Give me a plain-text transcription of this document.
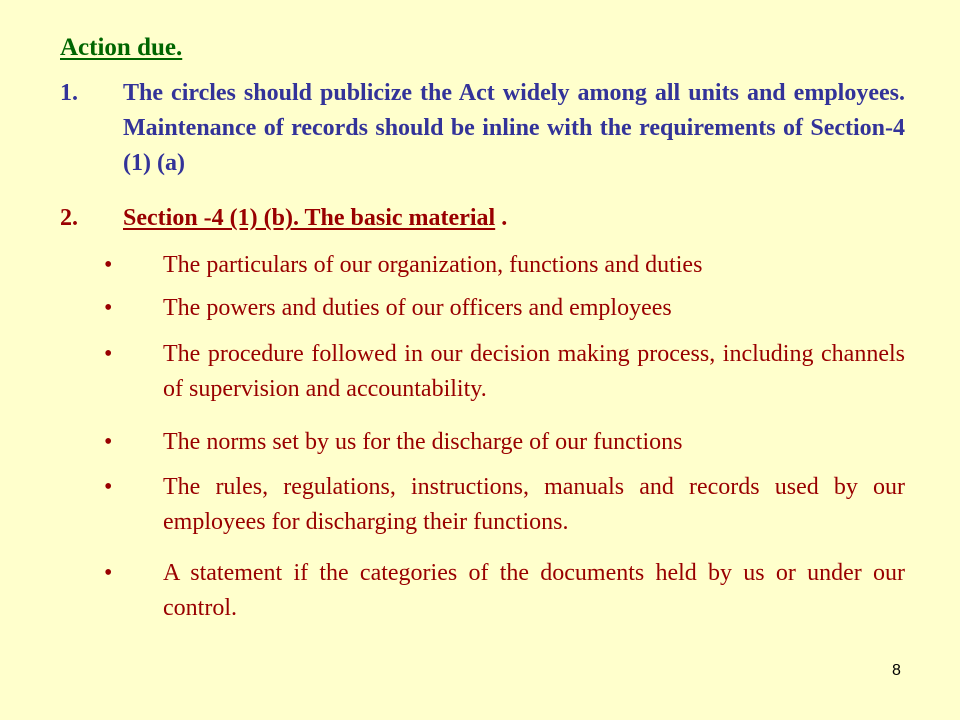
Action due.
1. The circles should publicize the Act widely among all units and employees. Maintenance of records should be inline with the requirements of Section-4 (1) (a)
2. Section -4 (1) (b). The basic material .
• The particulars of our organization, functions and duties
• The powers and duties of our officers and employees
• The procedure followed in our decision making process, including channels of supervision and accountability.
• The norms set by us for the discharge of our functions
• The rules, regulations, instructions, manuals and records used by our employees for discharging their functions.
• A statement if the categories of the documents held by us or under our control.
8
